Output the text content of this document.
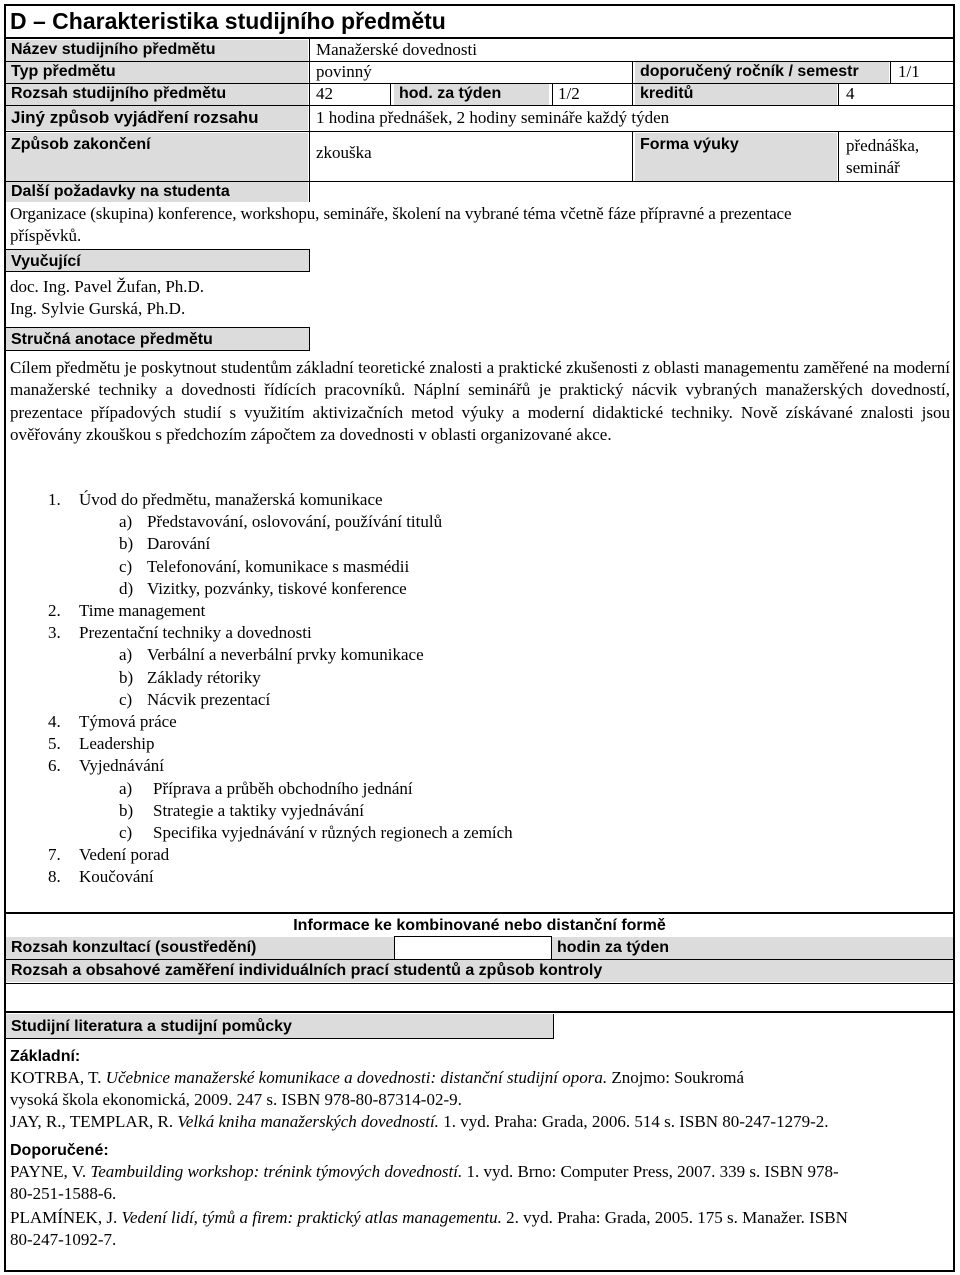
D – Charakteristika studijního předmětu
Název studijního předmětu	Manažerské dovednosti
Typ předmětu	povinný	doporučený ročník / semestr	1/1
Rozsah studijního předmětu	42	hod. za týden	1/2	kreditů	4
Jiný způsob vyjádření rozsahu	1 hodina přednášek, 2 hodiny semináře každý týden
Způsob zakončení	zkouška	Forma výuky	přednáška,
seminář
Další požadavky na studenta
Organizace (skupina) konference, workshopu, semináře, školení na vybrané téma včetně fáze přípravné a prezentace
příspěvků.
Vyučující
doc. Ing. Pavel Žufan, Ph.D.
Ing. Sylvie Gurská, Ph.D.
Stručná anotace předmětu
Cílem předmětu je poskytnout studentům základní teoretické znalosti a praktické zkušenosti z oblasti managementu zaměřené na moderní manažerské techniky a dovednosti řídících pracovníků. Náplní seminářů je praktický nácvik vybraných manažerských dovedností, prezentace případových studií s využitím aktivizačních metod výuky a moderní didaktické techniky. Nově získávané znalosti jsou ověřovány zkouškou s předchozím zápočtem za dovednosti v oblasti organizované akce.
1. Úvod do předmětu, manažerská komunikace
a) Představování, oslovování, používání titulů
b) Darování
c) Telefonování, komunikace s masmédii
d) Vizitky, pozvánky, tiskové konference
2. Time management
3. Prezentační techniky a dovednosti
a) Verbální a neverbální prvky komunikace
b) Základy rétoriky
c) Nácvik prezentací
4. Týmová práce
5. Leadership
6. Vyjednávání
a) Příprava a průběh obchodního jednání
b) Strategie a taktiky vyjednávání
c) Specifika vyjednávání v různých regionech a zemích
7. Vedení porad
8. Koučování
Informace ke kombinované nebo distanční formě
Rozsah konzultací (soustředění)	hodin za týden
Rozsah a obsahové zaměření individuálních prací studentů a způsob kontroly
Studijní literatura a studijní pomůcky
Základní:
KOTRBA, T. Učebnice manažerské komunikace a dovednosti: distanční studijní opora. Znojmo: Soukromá
vysoká škola ekonomická, 2009. 247 s. ISBN 978-80-87314-02-9.
JAY, R., TEMPLAR, R. Velká kniha manažerských dovedností. 1. vyd. Praha: Grada, 2006. 514 s. ISBN 80-247-1279-2.
Doporučené:
PAYNE, V. Teambuilding workshop: trénink týmových dovedností. 1. vyd. Brno: Computer Press, 2007. 339 s. ISBN 978-
80-251-1588-6.
PLAMÍNEK, J. Vedení lidí, týmů a firem: praktický atlas managementu. 2. vyd. Praha: Grada, 2005. 175 s. Manažer. ISBN
80-247-1092-7.
